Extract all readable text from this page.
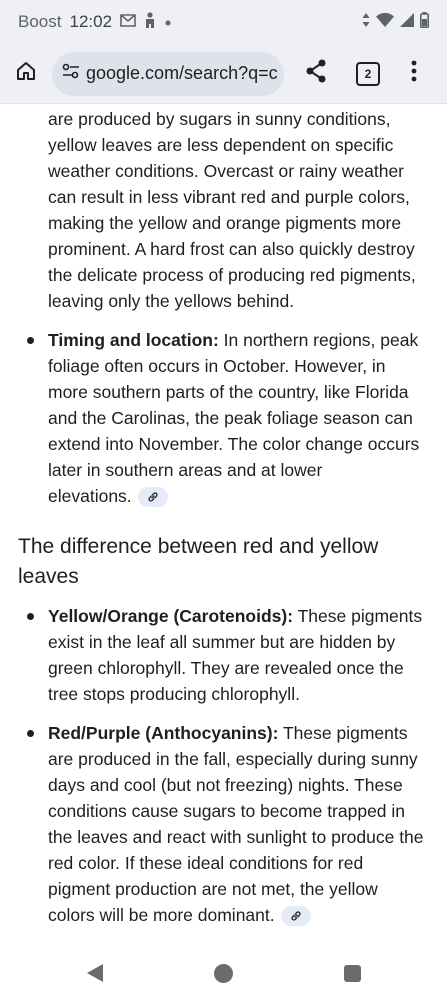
Boost 12:02
google.com/search?q=c	2
are produced by sugars in sunny conditions,
yellow leaves are less dependent on specific
weather conditions. Overcast or rainy weather
can result in less vibrant red and purple colors,
making the yellow and orange pigments more
prominent. A hard frost can also quickly destroy
the delicate process of producing red pigments,
leaving only the yellows behind.
Timing and location: In northern regions, peak
foliage often occurs in October. However, in
more southern parts of the country, like Florida
and the Carolinas, the peak foliage season can
extend into November. The color change occurs
later in southern areas and at lower
elevations.
The difference between red and yellow
leaves
Yellow/Orange (Carotenoids): These pigments
exist in the leaf all summer but are hidden by
green chlorophyll. They are revealed once the
tree stops producing chlorophyll.
Red/Purple (Anthocyanins): These pigments
are produced in the fall, especially during sunny
days and cool (but not freezing) nights. These
conditions cause sugars to become trapped in
the leaves and react with sunlight to produce the
red color. If these ideal conditions for red
pigment production are not met, the yellow
colors will be more dominant.
